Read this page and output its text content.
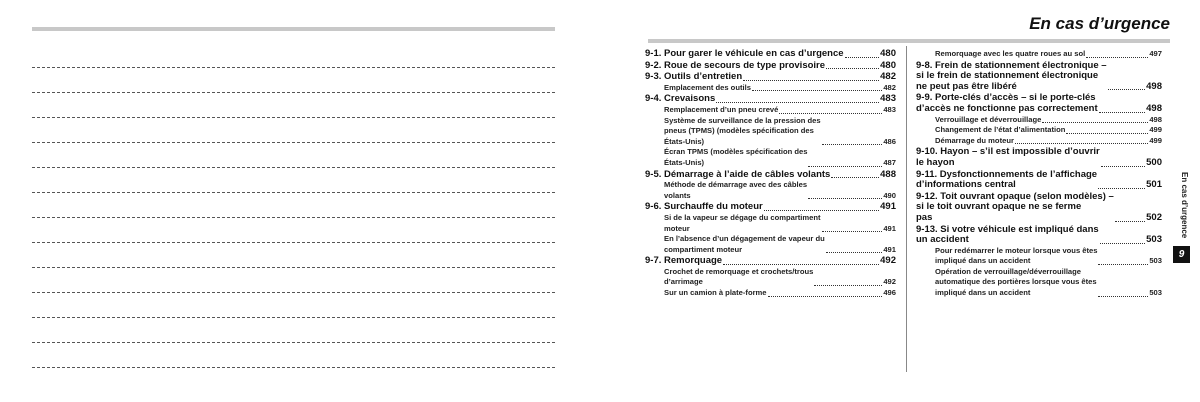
En cas d’urgence
9-1. Pour garer le véhicule en cas d’urgence	480
9-2. Roue de secours de type provisoire	480
9-3. Outils d’entretien	482
Emplacement des outils	482
9-4. Crevaisons	483
Remplacement d’un pneu crevé	483
Système de surveillance de la pression des
pneus (TPMS) (modèles spécification des
États-Unis)	486
Écran TPMS (modèles spécification des
États-Unis)	487
9-5. Démarrage à l’aide de câbles volants	488
Méthode de démarrage avec des câbles
volants	490
9-6. Surchauffe du moteur	491
Si de la vapeur se dégage du compartiment
moteur	491
En l’absence d’un dégagement de vapeur du
compartiment moteur	491
9-7. Remorquage	492
Crochet de remorquage et crochets/trous
d’arrimage	492
Sur un camion à plate-forme	496
Remorquage avec les quatre roues au sol	497
9-8. Frein de stationnement électronique –
si le frein de stationnement électronique
ne peut pas être libéré	498
9-9. Porte-clés d’accès – si le porte-clés
d’accès ne fonctionne pas correctement	498
Verrouillage et déverrouillage	498
Changement de l’état d’alimentation	499
Démarrage du moteur	499
9-10. Hayon – s’il est impossible d’ouvrir
le hayon	500
9-11. Dysfonctionnements de l’affichage
d’informations central	501
9-12. Toit ouvrant opaque (selon modèles) –
si le toit ouvrant opaque ne se ferme
pas	502
9-13. Si votre véhicule est impliqué dans
un accident	503
Pour redémarrer le moteur lorsque vous êtes
impliqué dans un accident	503
Opération de verrouillage/déverrouillage
automatique des portières lorsque vous êtes
impliqué dans un accident	503
En cas d’urgence
9
